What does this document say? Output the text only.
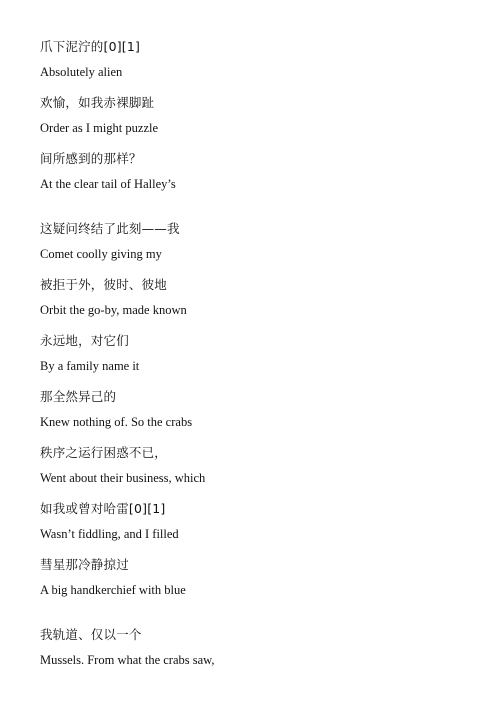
爪下泥泞的[0][1]
Absolutely alien
欢愉，如我赤裸脚趾
Order as I might puzzle
间所感到的那样？
At the clear tail of Halley’s
这疑问终结了此刻——我
Comet coolly giving my
被拒于外，彼时、彼地
Orbit the go-by, made known
永远地，对它们
By a family name it
那全然异己的
Knew nothing of. So the crabs
秩序之运行困惑不已，
Went about their business, which
如我或曾对哈雷[0][1]
Wasn’t fiddling, and I filled
彗星那冷静掠过
A big handkerchief with blue
我轨道、仅以一个
Mussels. From what the crabs saw,
